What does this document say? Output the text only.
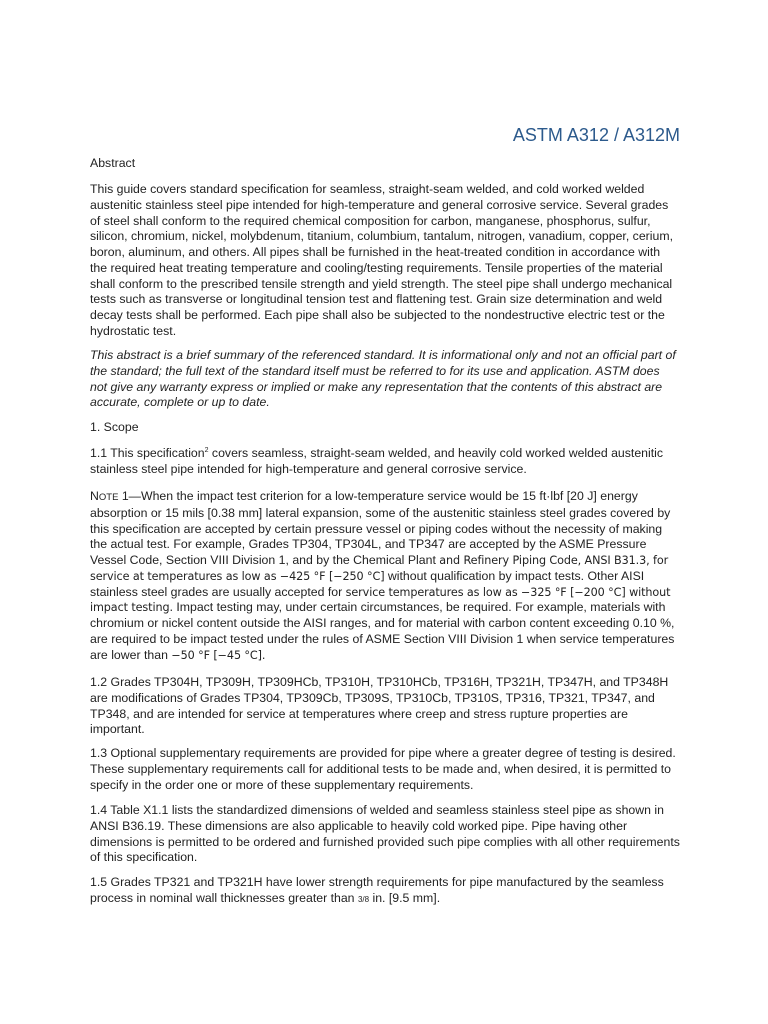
ASTM A312 / A312M

Abstract

This guide covers standard specification for seamless, straight-seam welded, and cold worked welded austenitic stainless steel pipe intended for high-temperature and general corrosive service. Several grades of steel shall conform to the required chemical composition for carbon, manganese, phosphorus, sulfur, silicon, chromium, nickel, molybdenum, titanium, columbium, tantalum, nitrogen, vanadium, copper, cerium, boron, aluminum, and others. All pipes shall be furnished in the heat-treated condition in accordance with the required heat treating temperature and cooling/testing requirements. Tensile properties of the material shall conform to the prescribed tensile strength and yield strength. The steel pipe shall undergo mechanical tests such as transverse or longitudinal tension test and flattening test. Grain size determination and weld decay tests shall be performed. Each pipe shall also be subjected to the nondestructive electric test or the hydrostatic test.

This abstract is a brief summary of the referenced standard. It is informational only and not an official part of the standard; the full text of the standard itself must be referred to for its use and application. ASTM does not give any warranty express or implied or make any representation that the contents of this abstract are accurate, complete or up to date.

1. Scope

1.1 This specification$^2$ covers seamless, straight-seam welded, and heavily cold worked welded austenitic stainless steel pipe intended for high-temperature and general corrosive service.

NOTE 1—When the impact test criterion for a low-temperature service would be 15 ft·lbf [20 J] energy absorption or 15 mils [0.38 mm] lateral expansion, some of the austenitic stainless steel grades covered by this specification are accepted by certain pressure vessel or piping codes without the necessity of making the actual test. For example, Grades TP304, TP304L, and TP347 are accepted by the ASME Pressure Vessel Code, Section VIII Division 1, and by the Chemical Plant and Refinery Piping Code, ANSI B31.3, for service at temperatures as low as −425 °F [−250 °C] without qualification by impact tests. Other AISI stainless steel grades are usually accepted for service temperatures as low as −325 °F [−200 °C] without impact testing. Impact testing may, under certain circumstances, be required. For example, materials with chromium or nickel content outside the AISI ranges, and for material with carbon content exceeding 0.10 %, are required to be impact tested under the rules of ASME Section VIII Division 1 when service temperatures are lower than −50 °F [−45 °C].

1.2 Grades TP304H, TP309H, TP309HCb, TP310H, TP310HCb, TP316H, TP321H, TP347H, and TP348H are modifications of Grades TP304, TP309Cb, TP309S, TP310Cb, TP310S, TP316, TP321, TP347, and TP348, and are intended for service at temperatures where creep and stress rupture properties are important.

1.3 Optional supplementary requirements are provided for pipe where a greater degree of testing is desired. These supplementary requirements call for additional tests to be made and, when desired, it is permitted to specify in the order one or more of these supplementary requirements.

1.4 Table X1.1 lists the standardized dimensions of welded and seamless stainless steel pipe as shown in ANSI B36.19. These dimensions are also applicable to heavily cold worked pipe. Pipe having other dimensions is permitted to be ordered and furnished provided such pipe complies with all other requirements of this specification.

1.5 Grades TP321 and TP321H have lower strength requirements for pipe manufactured by the seamless process in nominal wall thicknesses greater than 3/8 in. [9.5 mm].
